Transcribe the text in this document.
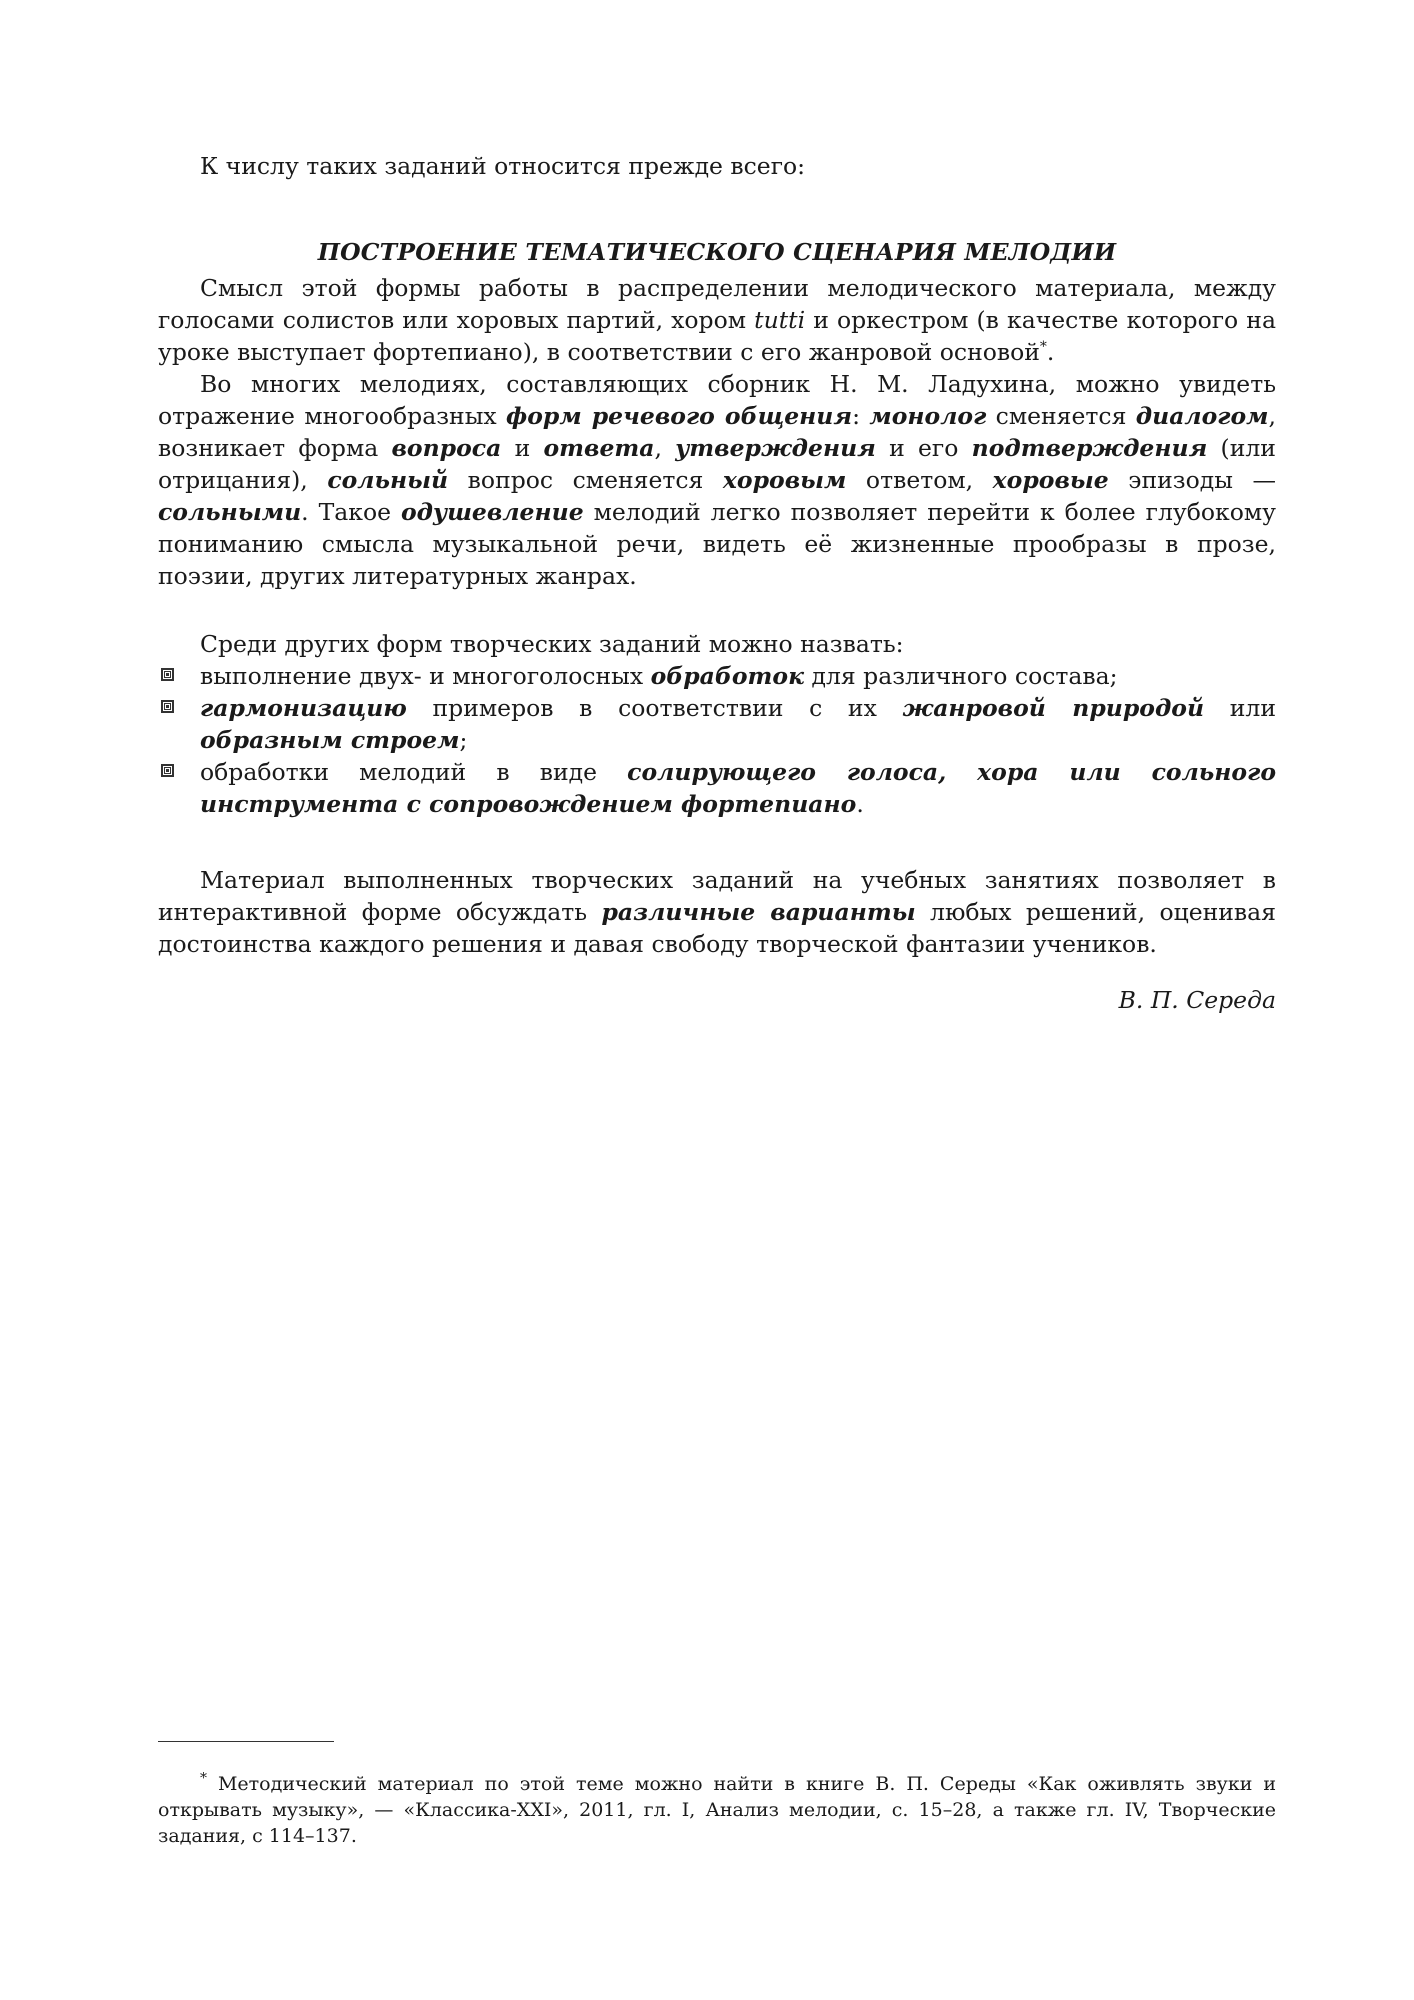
К числу таких заданий относится прежде всего:

ПОСТРОЕНИЕ ТЕМАТИЧЕСКОГО СЦЕНАРИЯ МЕЛОДИИ

Смысл этой формы работы в распределении мелодического материала, между голосами солистов или хоровых партий, хором tutti и оркестром (в качестве которого на уроке выступает фортепиано), в соответствии с его жанровой основой*.

Во многих мелодиях, составляющих сборник Н. М. Ладухина, можно увидеть отражение многообразных форм речевого общения: монолог сменяется диалогом, возникает форма вопроса и ответа, утверждения и его подтверждения (или отрицания), сольный вопрос сменяется хоровым ответом, хоровые эпизоды — сольными. Такое одушевление мелодий легко позволяет перейти к более глубокому пониманию смысла музыкальной речи, видеть её жизненные прообразы в прозе, поэзии, других литературных жанрах.

Среди других форм творческих заданий можно назвать:

выполнение двух- и многоголосных обработок для различного состава;
гармонизацию примеров в соответствии с их жанровой природой или образным строем;
обработки мелодий в виде солирующего голоса, хора или сольного инструмента с сопровождением фортепиано.

Материал выполненных творческих заданий на учебных занятиях позволяет в интерактивной форме обсуждать различные варианты любых решений, оценивая достоинства каждого решения и давая свободу творческой фантазии учеников.

В. П. Середа

* Методический материал по этой теме можно найти в книге В. П. Середы «Как оживлять звуки и открывать музыку», — «Классика-XXI», 2011, гл. I, Анализ мелодии, с. 15–28, а также гл. IV, Творческие задания, с 114–137.
